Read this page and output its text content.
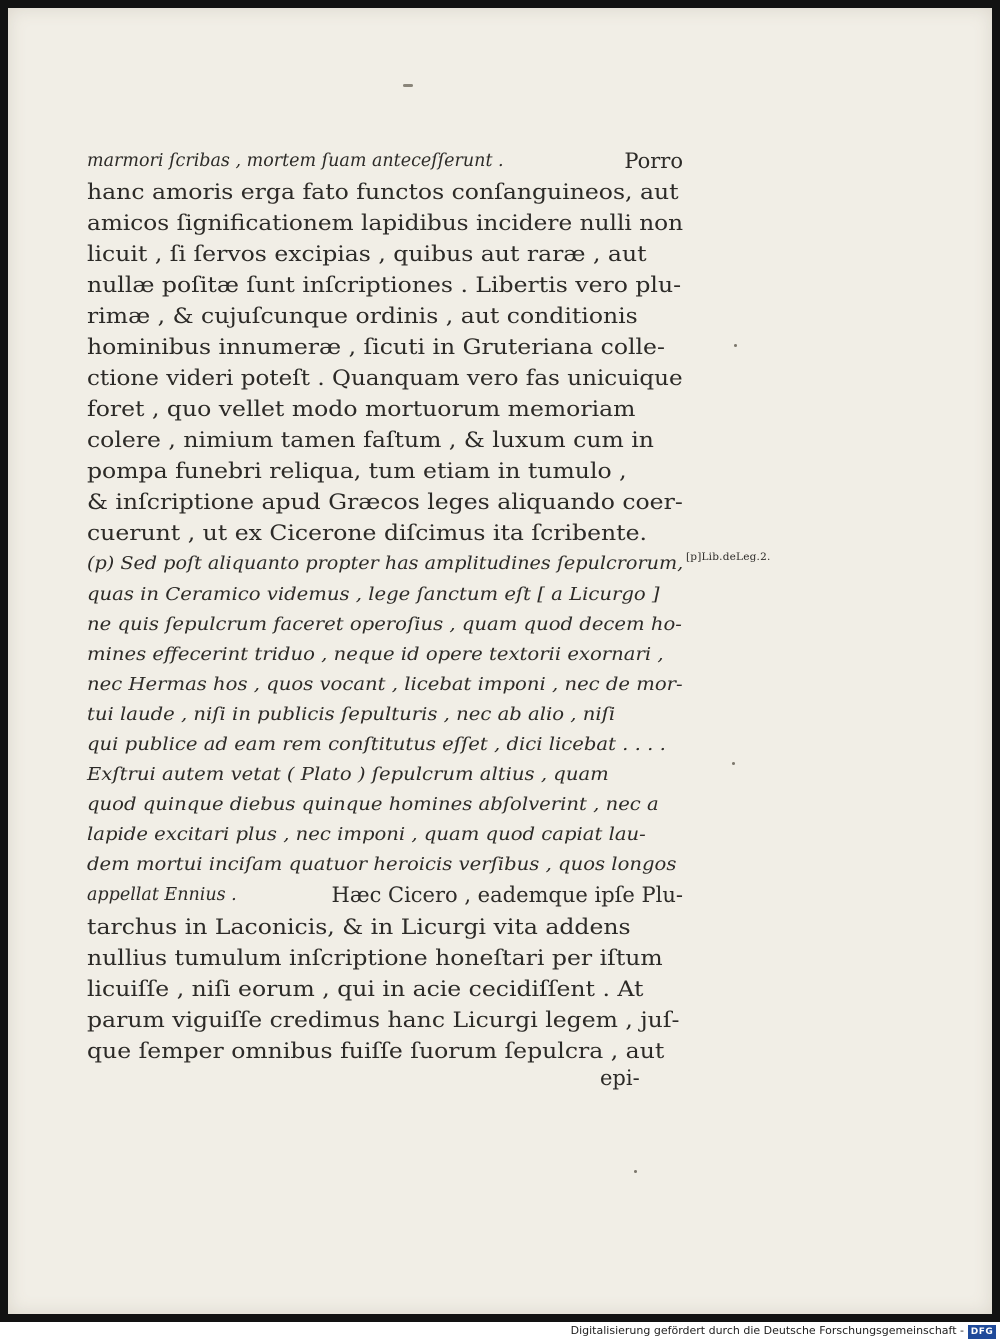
marmori ſcribas , mortem ſuam anteceſſerunt .	Porro
hanc amoris erga fato functos conſanguineos, aut
amicos ſignificationem lapidibus incidere nulli non
licuit , ſi ſervos excipias , quibus aut raræ , aut
nullæ poſitæ ſunt inſcriptiones . Libertis vero plu-
rimæ , & cujuſcunque ordinis , aut conditionis
hominibus innumeræ , ſicuti in Gruteriana colle-
ctione videri poteſt . Quanquam vero fas unicuique
foret , quo vellet modo mortuorum memoriam
colere , nimium tamen faſtum , & luxum cum in
pompa funebri reliqua, tum etiam in tumulo ,
& inſcriptione apud Græcos leges aliquando coer-
cuerunt , ut ex Cicerone diſcimus ita ſcribente.
(p) Sed poſt aliquanto propter has amplitudines ſepulcrorum,
quas in Ceramico videmus , lege ſanctum eſt [ a Licurgo ]
ne quis ſepulcrum faceret operoſius , quam quod decem ho-
mines effecerint triduo , neque id opere textorii exornari ,
nec Hermas hos , quos vocant , licebat imponi , nec de mor-
tui laude , niſi in publicis ſepulturis , nec ab alio , niſi
qui publice ad eam rem conſtitutus eſſet , dici licebat . . . .
Exſtrui autem vetat ( Plato ) ſepulcrum altius , quam
quod quinque diebus quinque homines abſolverint , nec a
lapide excitari plus , nec imponi , quam quod capiat lau-
dem mortui inciſam quatuor heroicis verſibus , quos longos
appellat Ennius .	Hæc Cicero , eademque ipſe Plu-
tarchus in Laconicis, & in Licurgi vita addens
nullius tumulum inſcriptione honeſtari per iſtum
licuiſſe , niſi eorum , qui in acie cecidiſſent . At
parum viguiſſe credimus hanc Licurgi legem , juſ-
que ſemper omnibus fuiſſe ſuorum ſepulcra , aut
[p]Lib.deLeg.2.
epi-
Digitalisierung gefördert durch die Deutsche Forschungsgemeinschaft - DFG
